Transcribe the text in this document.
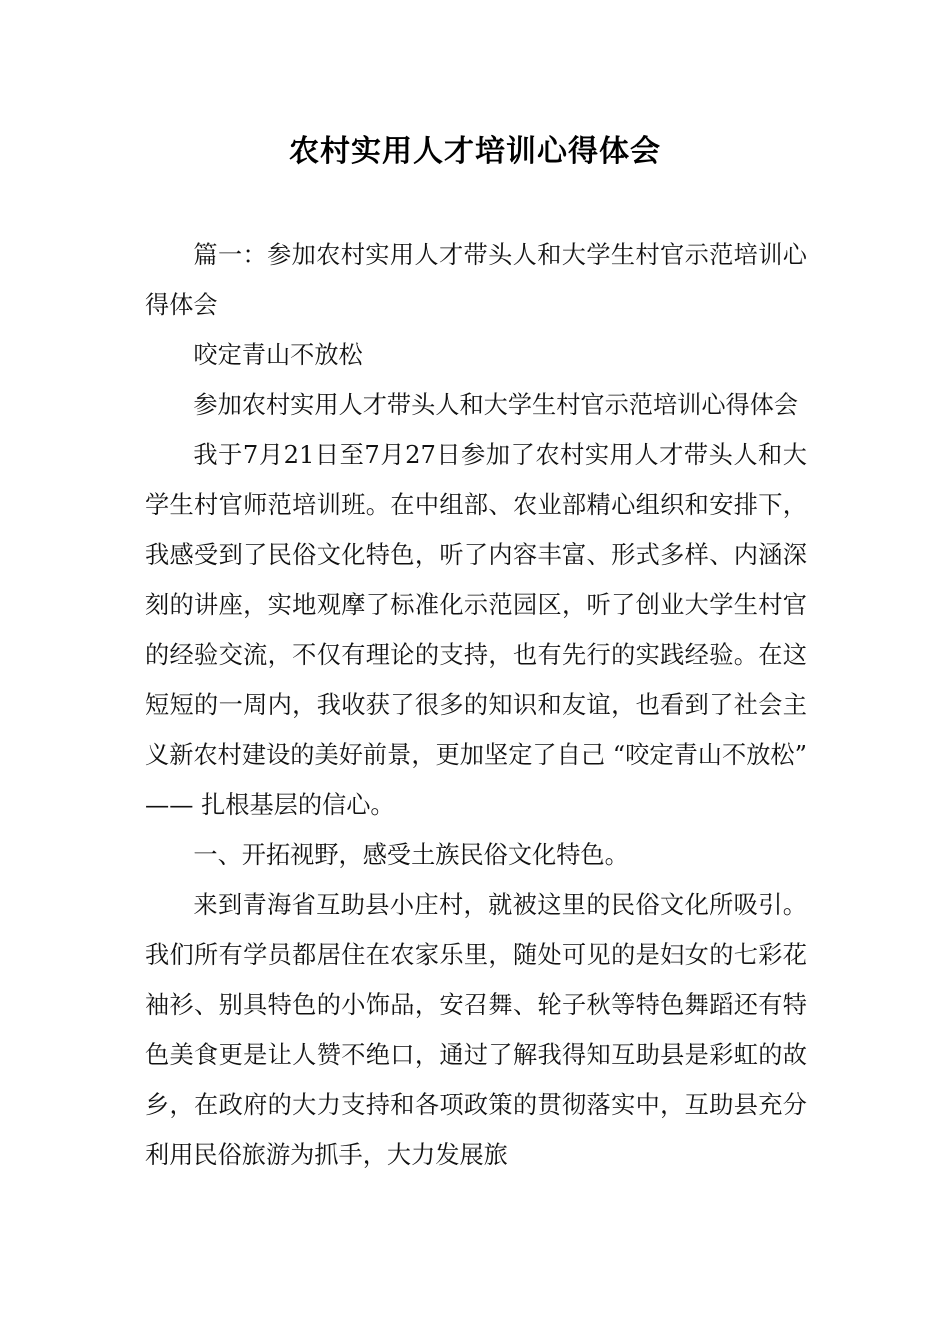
农村实用人才培训心得体会

篇一：参加农村实用人才带头人和大学生村官示范培训心得体会

咬定青山不放松

参加农村实用人才带头人和大学生村官示范培训心得体会

我于7月21日至7月27日参加了农村实用人才带头人和大学生村官师范培训班。在中组部、农业部精心组织和安排下，我感受到了民俗文化特色，听了内容丰富、形式多样、内涵深刻的讲座，实地观摩了标准化示范园区，听了创业大学生村官的经验交流，不仅有理论的支持，也有先行的实践经验。在这短短的一周内，我收获了很多的知识和友谊，也看到了社会主义新农村建设的美好前景，更加坚定了自己 “咬定青山不放松” —— 扎根基层的信心。

一、开拓视野，感受土族民俗文化特色。

来到青海省互助县小庄村，就被这里的民俗文化所吸引。我们所有学员都居住在农家乐里，随处可见的是妇女的七彩花袖衫、别具特色的小饰品，安召舞、轮子秋等特色舞蹈还有特色美食更是让人赞不绝口，通过了解我得知互助县是彩虹的故乡，在政府的大力支持和各项政策的贯彻落实中，互助县充分利用民俗旅游为抓手，大力发展旅
